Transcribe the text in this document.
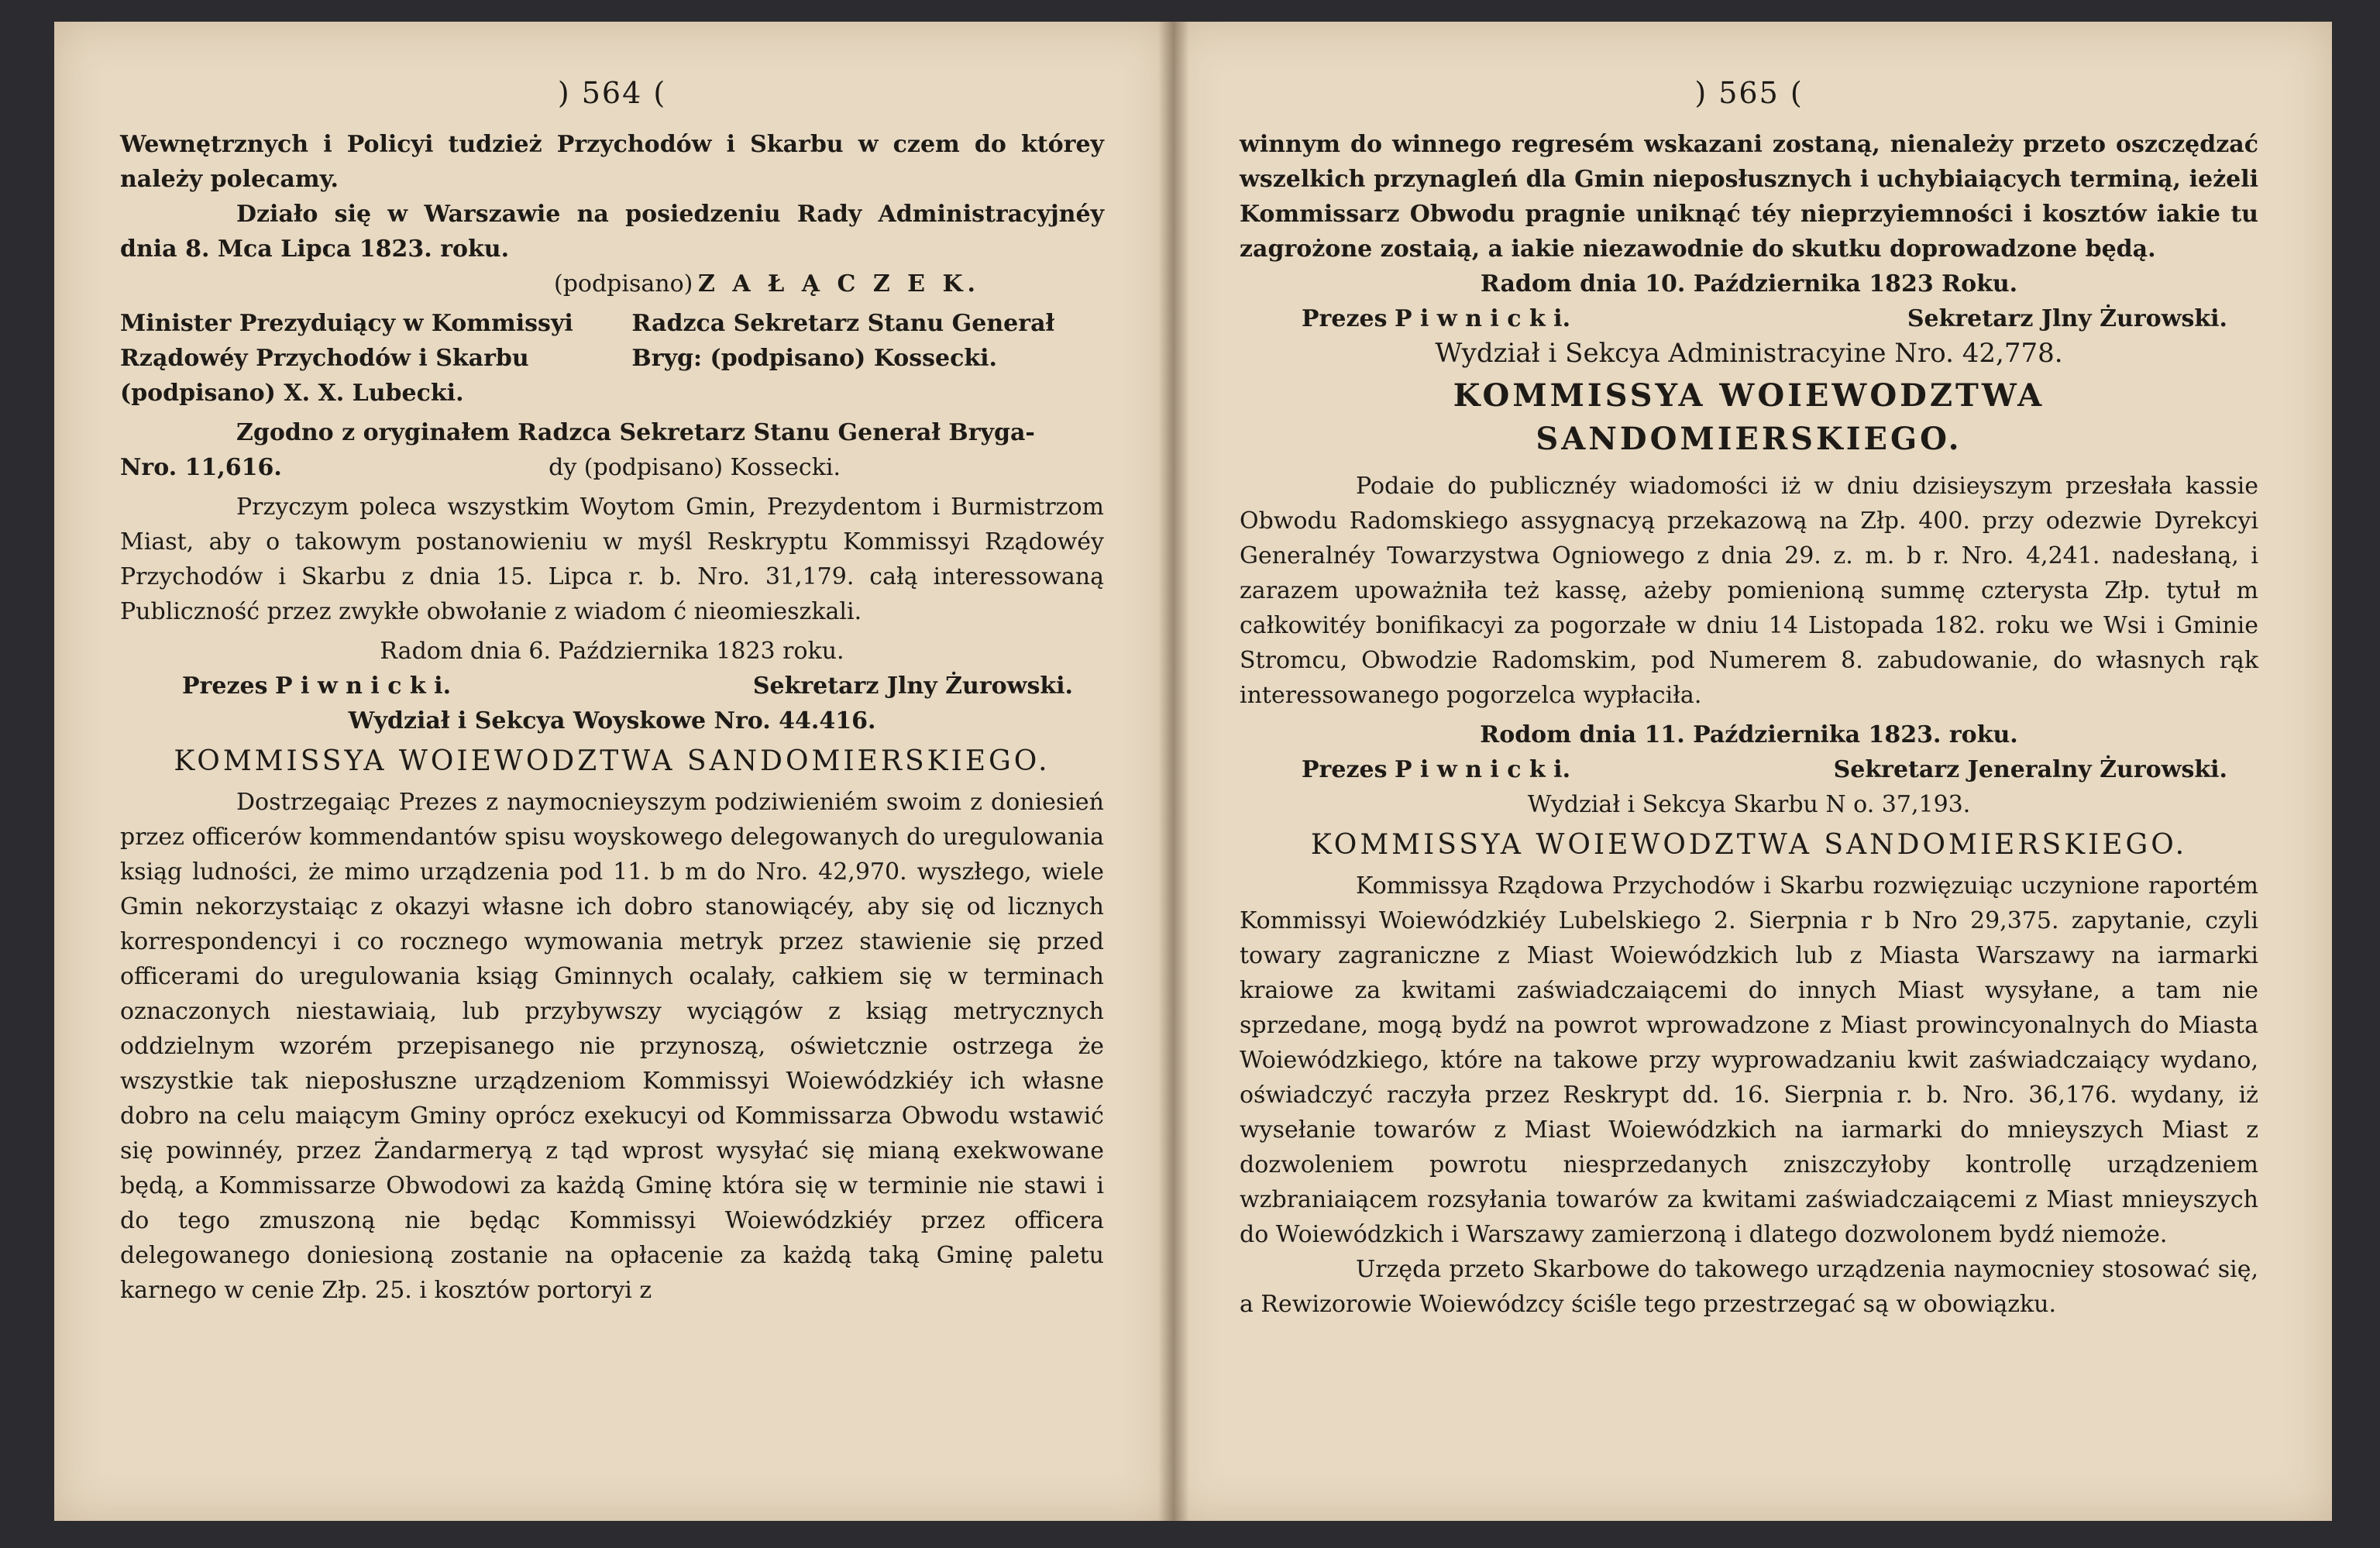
) 564 (

Wewnętrznych i Policyi tudzież Przychodów i Skarbu w czem do którey należy polecamy.

Działo się w Warszawie na posiedzeniu Rady Administracyjnéy dnia 8. Mca Lipca 1823. roku.

(podpisano) Z A Ł Ą C Z E K.
Minister Prezyduiący w Kommissyi Rządowéy Przychodów i Skarbu (podpisano) X. X. Lubecki.
Radzca Sekretarz Stanu Generał Bryg: (podpisano) Kossecki.

Zgodno z oryginałem Radzca Sekretarz Stanu Generał Bryga-

Nro. 11,616.	dy (podpisano) Kossecki.

Przyczym poleca wszystkim Woytom Gmin, Prezydentom i Burmistrzom Miast, aby o takowym postanowieniu w myśl Reskryptu Kommissyi Rządowéy Przychodów i Skarbu z dnia 15. Lipca r. b. Nro. 31,179. całą interessowaną Publiczność przez zwykłe obwołanie z wiadom ć nieomieszkali.

Radom dnia 6. Października 1823 roku.

Prezes P i w n i c k i.	Sekretarz Jlny Żurowski.

Wydział i Sekcya Woyskowe Nro. 44.416.

KOMMISSYA WOIEWODZTWA SANDOMIERSKIEGO.

Dostrzegaiąc Prezes z naymocnieyszym podziwieniém swoim z doniesień przez officerów kommendantów spisu woyskowego delegowanych do uregulowania ksiąg ludności, że mimo urządzenia pod 11. b m do Nro. 42,970. wyszłego, wiele Gmin nekorzystaiąc z okazyi własne ich dobro stanowiącéy, aby się od licznych korrespondencyi i co rocznego wymowania metryk przez stawienie się przed officerami do uregulowania ksiąg Gminnych ocalały, całkiem się w terminach oznaczonych niestawiaią, lub przybywszy wyciągów z ksiąg metrycznych oddzielnym wzorém przepisanego nie przynoszą, oświetcznie ostrzega że wszystkie tak nieposłuszne urządzeniom Kommissyi Woiewódzkiéy ich własne dobro na celu maiącym Gminy oprócz exekucyi od Kommissarza Obwodu wstawić się powinnéy, przez Żandarmeryą z tąd wprost wysyłać się mianą exekwowane będą, a Kommissarze Obwodowi za każdą Gminę która się w terminie nie stawi i do tego zmuszoną nie będąc Kommissyi Woiewódzkiéy przez officera delegowanego doniesioną zostanie na opłacenie za każdą taką Gminę paletu karnego w cenie Złp. 25. i kosztów portoryi z

) 565 (

winnym do winnego regresém wskazani zostaną, nienależy przeto oszczędzać wszelkich przynagleń dla Gmin nieposłusznych i uchybiaiących terminą, ieżeli Kommissarz Obwodu pragnie uniknąć téy nieprzyiemności i kosztów iakie tu zagrożone zostaią, a iakie niezawodnie do skutku doprowadzone będą.

Radom dnia 10. Października 1823 Roku.

Prezes P i w n i c k i.	Sekretarz Jlny Żurowski.

Wydział i Sekcya Administracyine Nro. 42,778.

KOMMISSYA WOIEWODZTWA SANDOMIERSKIEGO.

Podaie do publicznéy wiadomości iż w dniu dzisieyszym przesłała kassie Obwodu Radomskiego assygnacyą przekazową na Złp. 400. przy odezwie Dyrekcyi Generalnéy Towarzystwa Ogniowego z dnia 29. z. m. b r. Nro. 4,241. nadesłaną, i zarazem upoważniła też kassę, ażeby pomienioną summę czterysta Złp. tytuł m całkowitéy bonifikacyi za pogorzałe w dniu 14 Listopada 182. roku we Wsi i Gminie Stromcu, Obwodzie Radomskim, pod Numerem 8. zabudowanie, do własnych rąk interessowanego pogorzelca wypłaciła.

Rodom dnia 11. Października 1823. roku.

Prezes P i w n i c k i.	Sekretarz Jeneralny Żurowski.

Wydział i Sekcya Skarbu N o. 37,193.

KOMMISSYA WOIEWODZTWA SANDOMIERSKIEGO.

Kommissya Rządowa Przychodów i Skarbu rozwięzuiąc uczynione raportém Kommissyi Woiewódzkiéy Lubelskiego 2. Sierpnia r b Nro 29,375. zapytanie, czyli towary zagraniczne z Miast Woiewódzkich lub z Miasta Warszawy na iarmarki kraiowe za kwitami zaświadczaiącemi do innych Miast wysyłane, a tam nie sprzedane, mogą bydź na powrot wprowadzone z Miast prowincyonalnych do Miasta Woiewódzkiego, które na takowe przy wyprowadzaniu kwit zaświadczaiący wydano, oświadczyć raczyła przez Reskrypt dd. 16. Sierpnia r. b. Nro. 36,176. wydany, iż wysełanie towarów z Miast Woiewódzkich na iarmarki do mnieyszych Miast z dozwoleniem powrotu niesprzedanych zniszczyłoby kontrollę urządzeniem wzbraniaiącem rozsyłania towarów za kwitami zaświadczaiącemi z Miast mnieyszych do Woiewódzkich i Warszawy zamierzoną i dlatego dozwolonem bydź niemoże.

Urzęda przeto Skarbowe do takowego urządzenia naymocniey stosować się, a Rewizorowie Woiewódzcy ściśle tego przestrzegać są w obowiązku.
